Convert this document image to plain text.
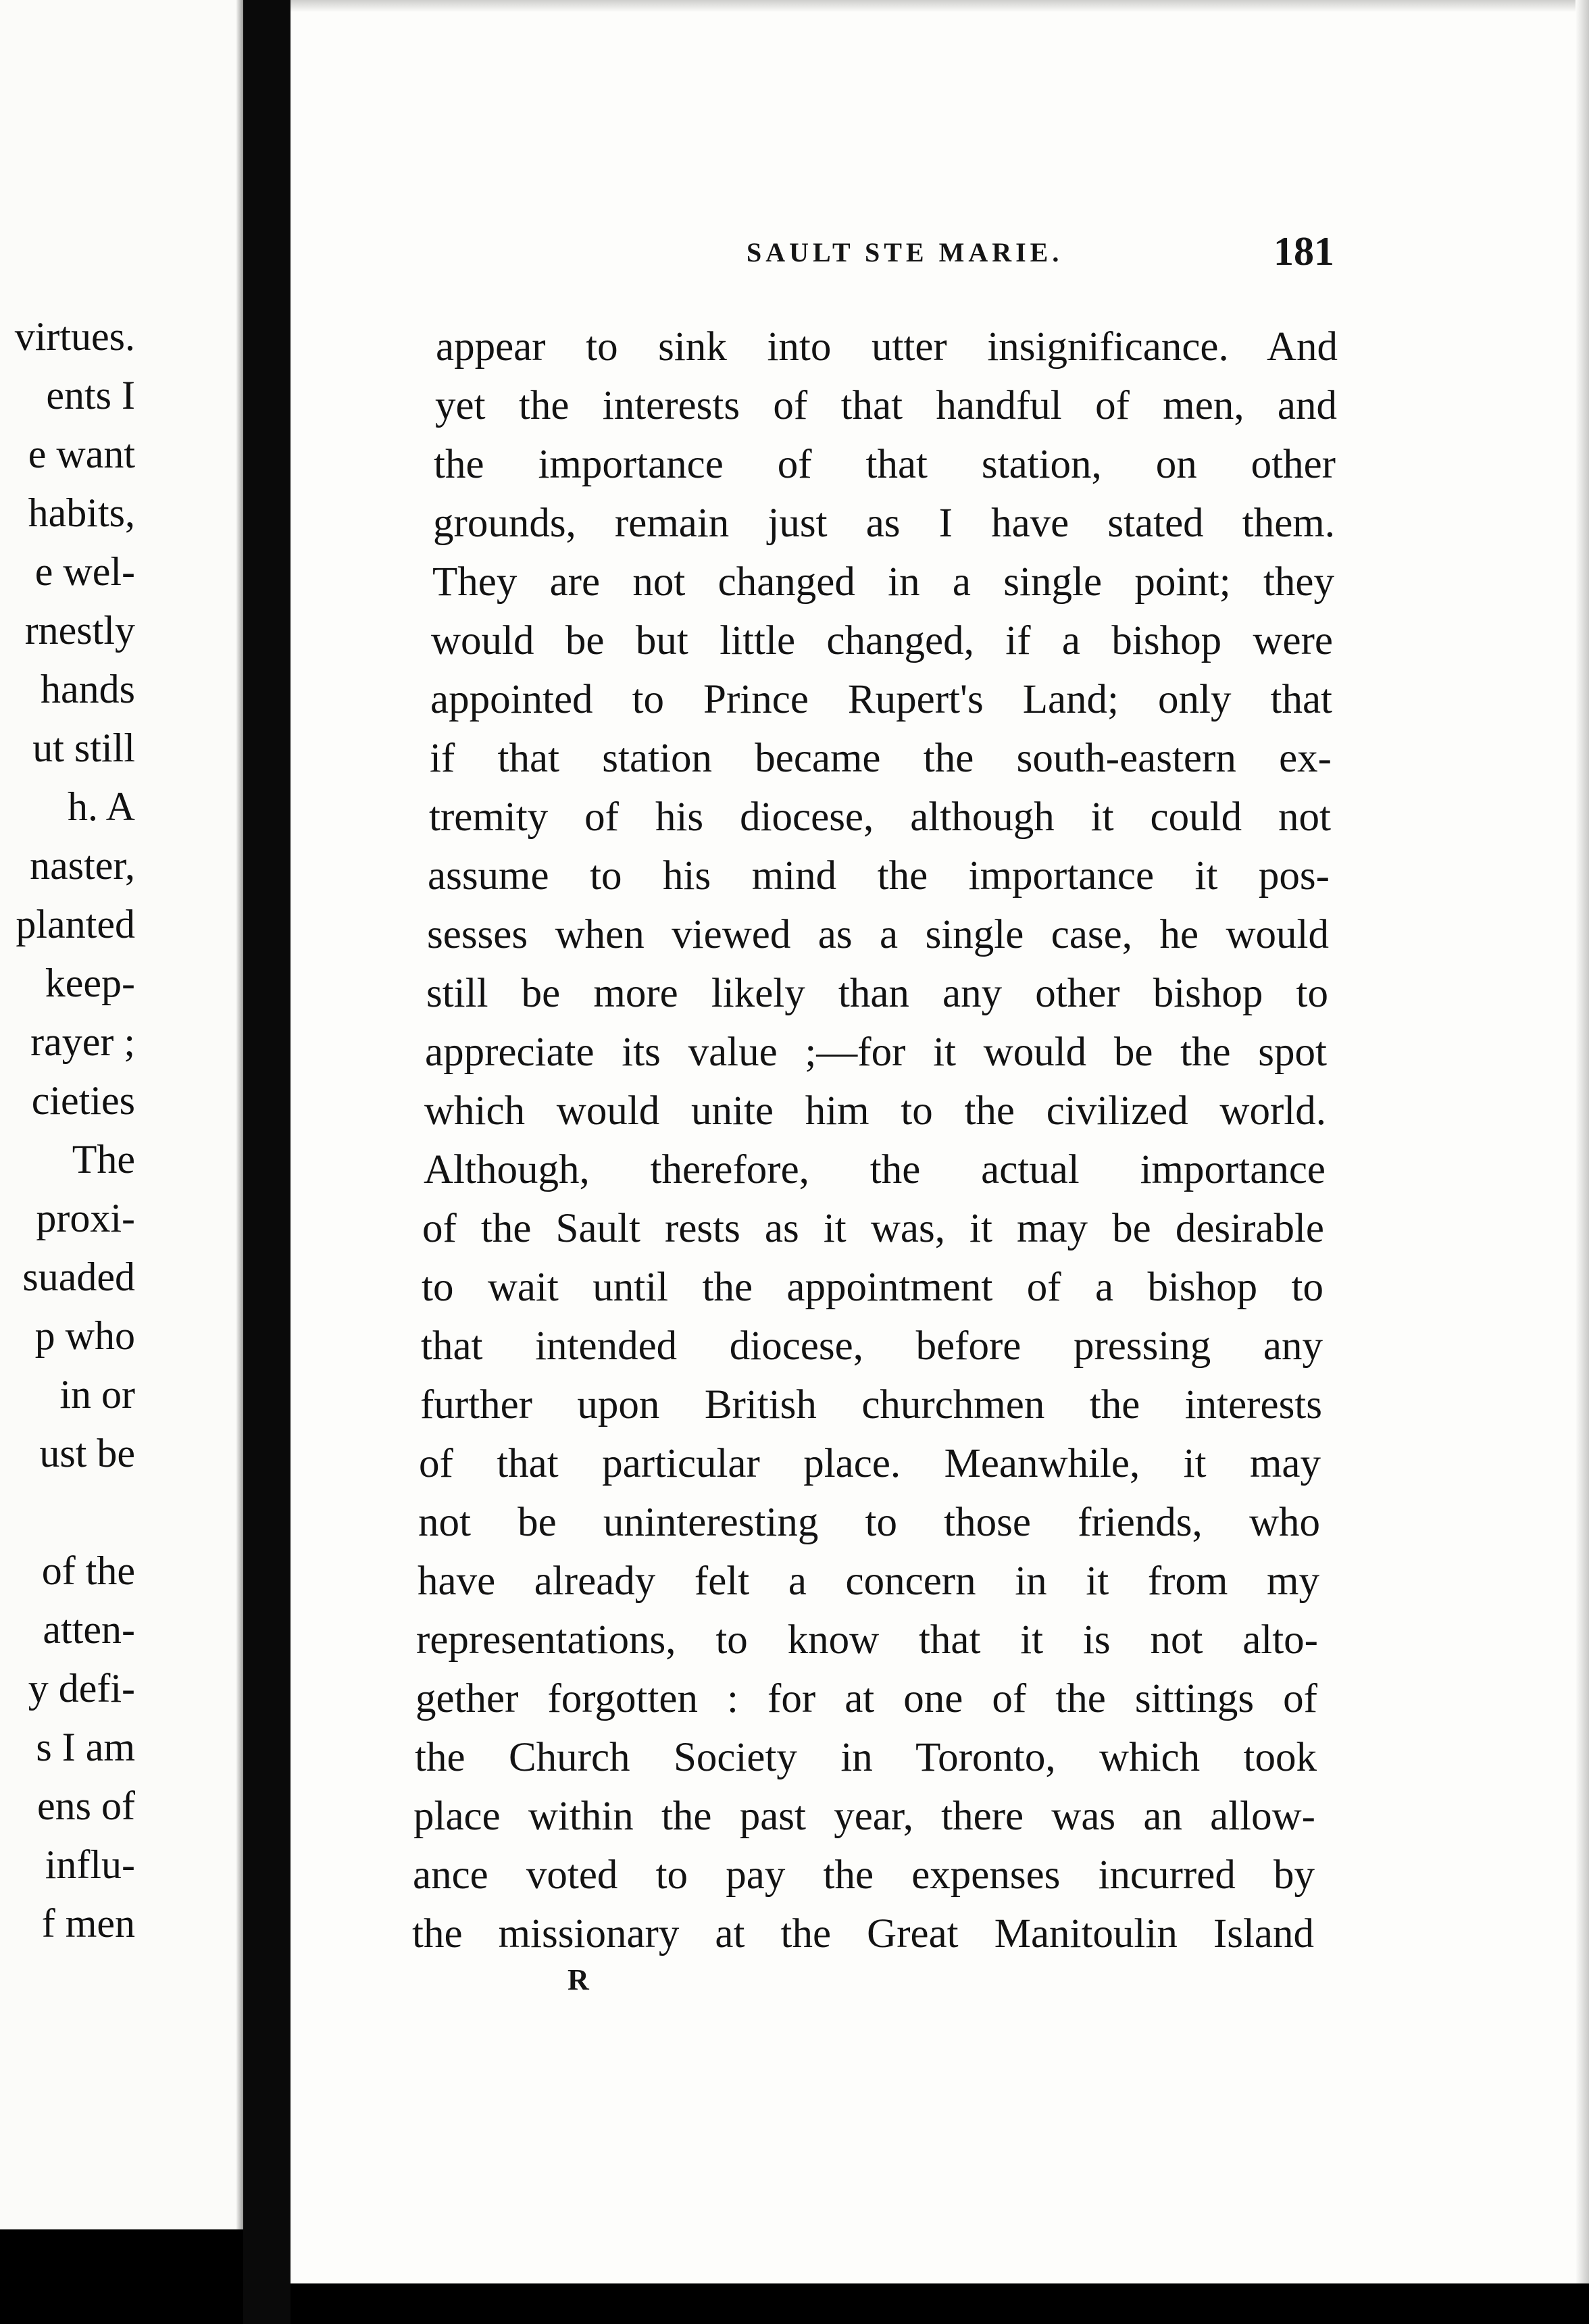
virtues.
ents I
e want
habits,
e wel-
rnestly
hands
ut still
h. A
naster,
planted
keep-
rayer ;
cieties
The
proxi-
suaded
p who
in or
ust be
of the
atten-
y defi-
s I am
ens of
influ-
f men
SAULT STE MARIE.	181
appear to sink into utter insignificance. And
yet the interests of that handful of men, and
the importance of that station, on other
grounds, remain just as I have stated them.
They are not changed in a single point; they
would be but little changed, if a bishop were
appointed to Prince Rupert's Land; only that
if that station became the south-eastern ex-
tremity of his diocese, although it could not
assume to his mind the importance it pos-
sesses when viewed as a single case, he would
still be more likely than any other bishop to
appreciate its value ;—for it would be the spot
which would unite him to the civilized world.
Although, therefore, the actual importance
of the Sault rests as it was, it may be desirable
to wait until the appointment of a bishop to
that intended diocese, before pressing any
further upon British churchmen the interests
of that particular place. Meanwhile, it may
not be uninteresting to those friends, who
have already felt a concern in it from my
representations, to know that it is not alto-
gether forgotten : for at one of the sittings of
the Church Society in Toronto, which took
place within the past year, there was an allow-
ance voted to pay the expenses incurred by
the missionary at the Great Manitoulin Island
R
